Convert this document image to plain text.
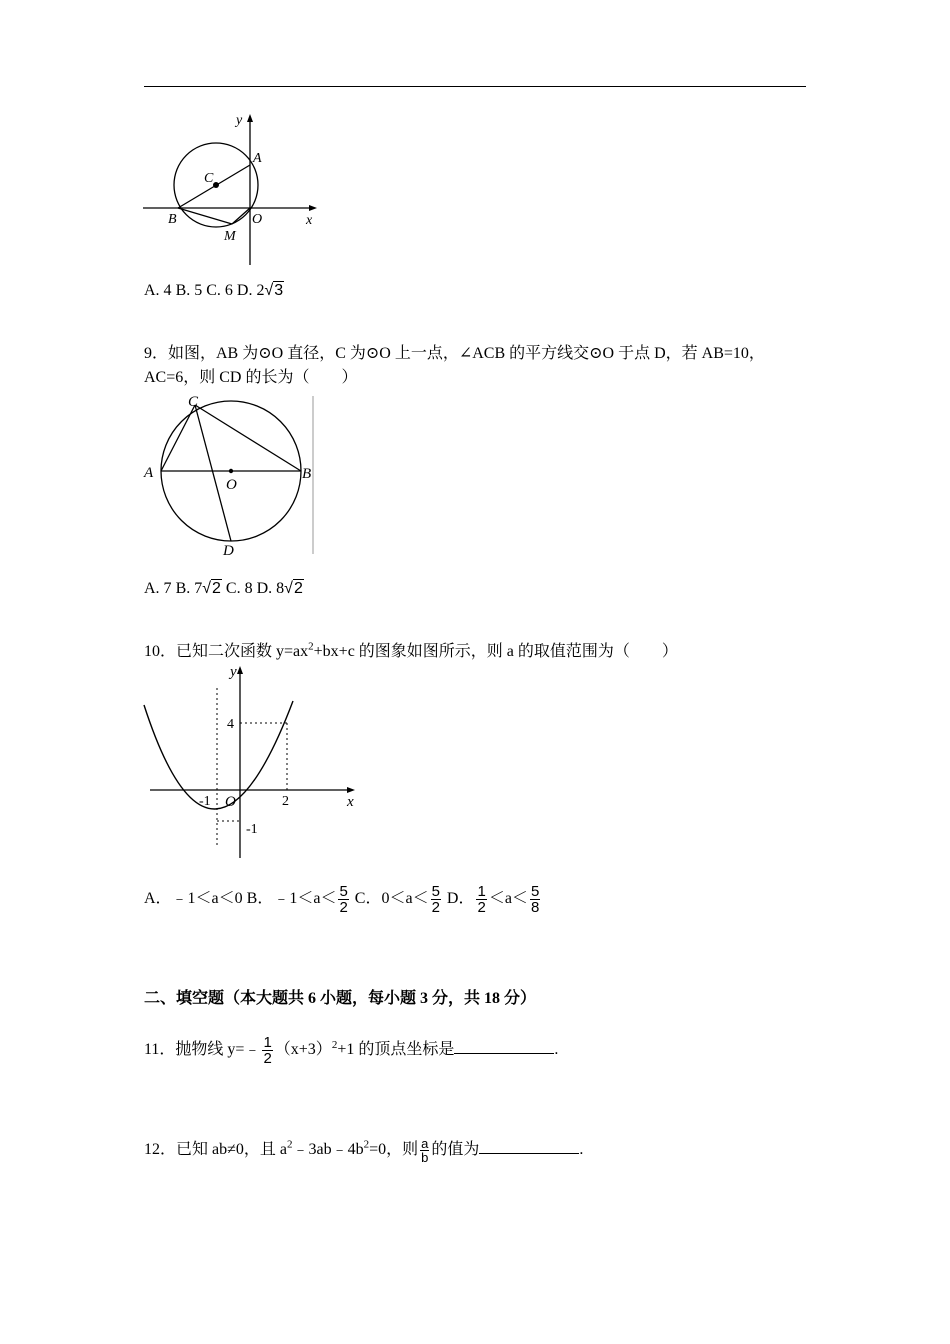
y
A
C
B	O
M
x
A. 4 B. 5 C. 6 D. 2√3
9．如图，AB 为⊙O 直径，C 为⊙O 上一点，∠ACB 的平方线交⊙O 于点 D，若 AB=10，
AC=6，则 CD 的长为（　　）
C
A
O
B
D
A. 7 B. 7√2 C. 8 D. 8√2
10．已知二次函数 $y=ax^2+bx+c$ 的图象如图所示，则 a 的取值范围为（　　）
y
4
-1 O	2	x
-1
A．﹣1＜a＜0 B．﹣1＜a＜ $\frac{5}{2}$ C．$0<a< \frac{5}{2}$ D． $\frac{1}{2} <a< \frac{5}{8}$
二、填空题（本大题共 6 小题，每小题 3 分，共 18 分）
11．抛物线 y=﹣ $\frac{1}{2} (x+3)^2+1$ 的顶点坐标是	.
12．已知 ab≠0，且 $a^2﹣3ab﹣4b^2=0$，则 $\frac{a}{b}$ 的值为	.
